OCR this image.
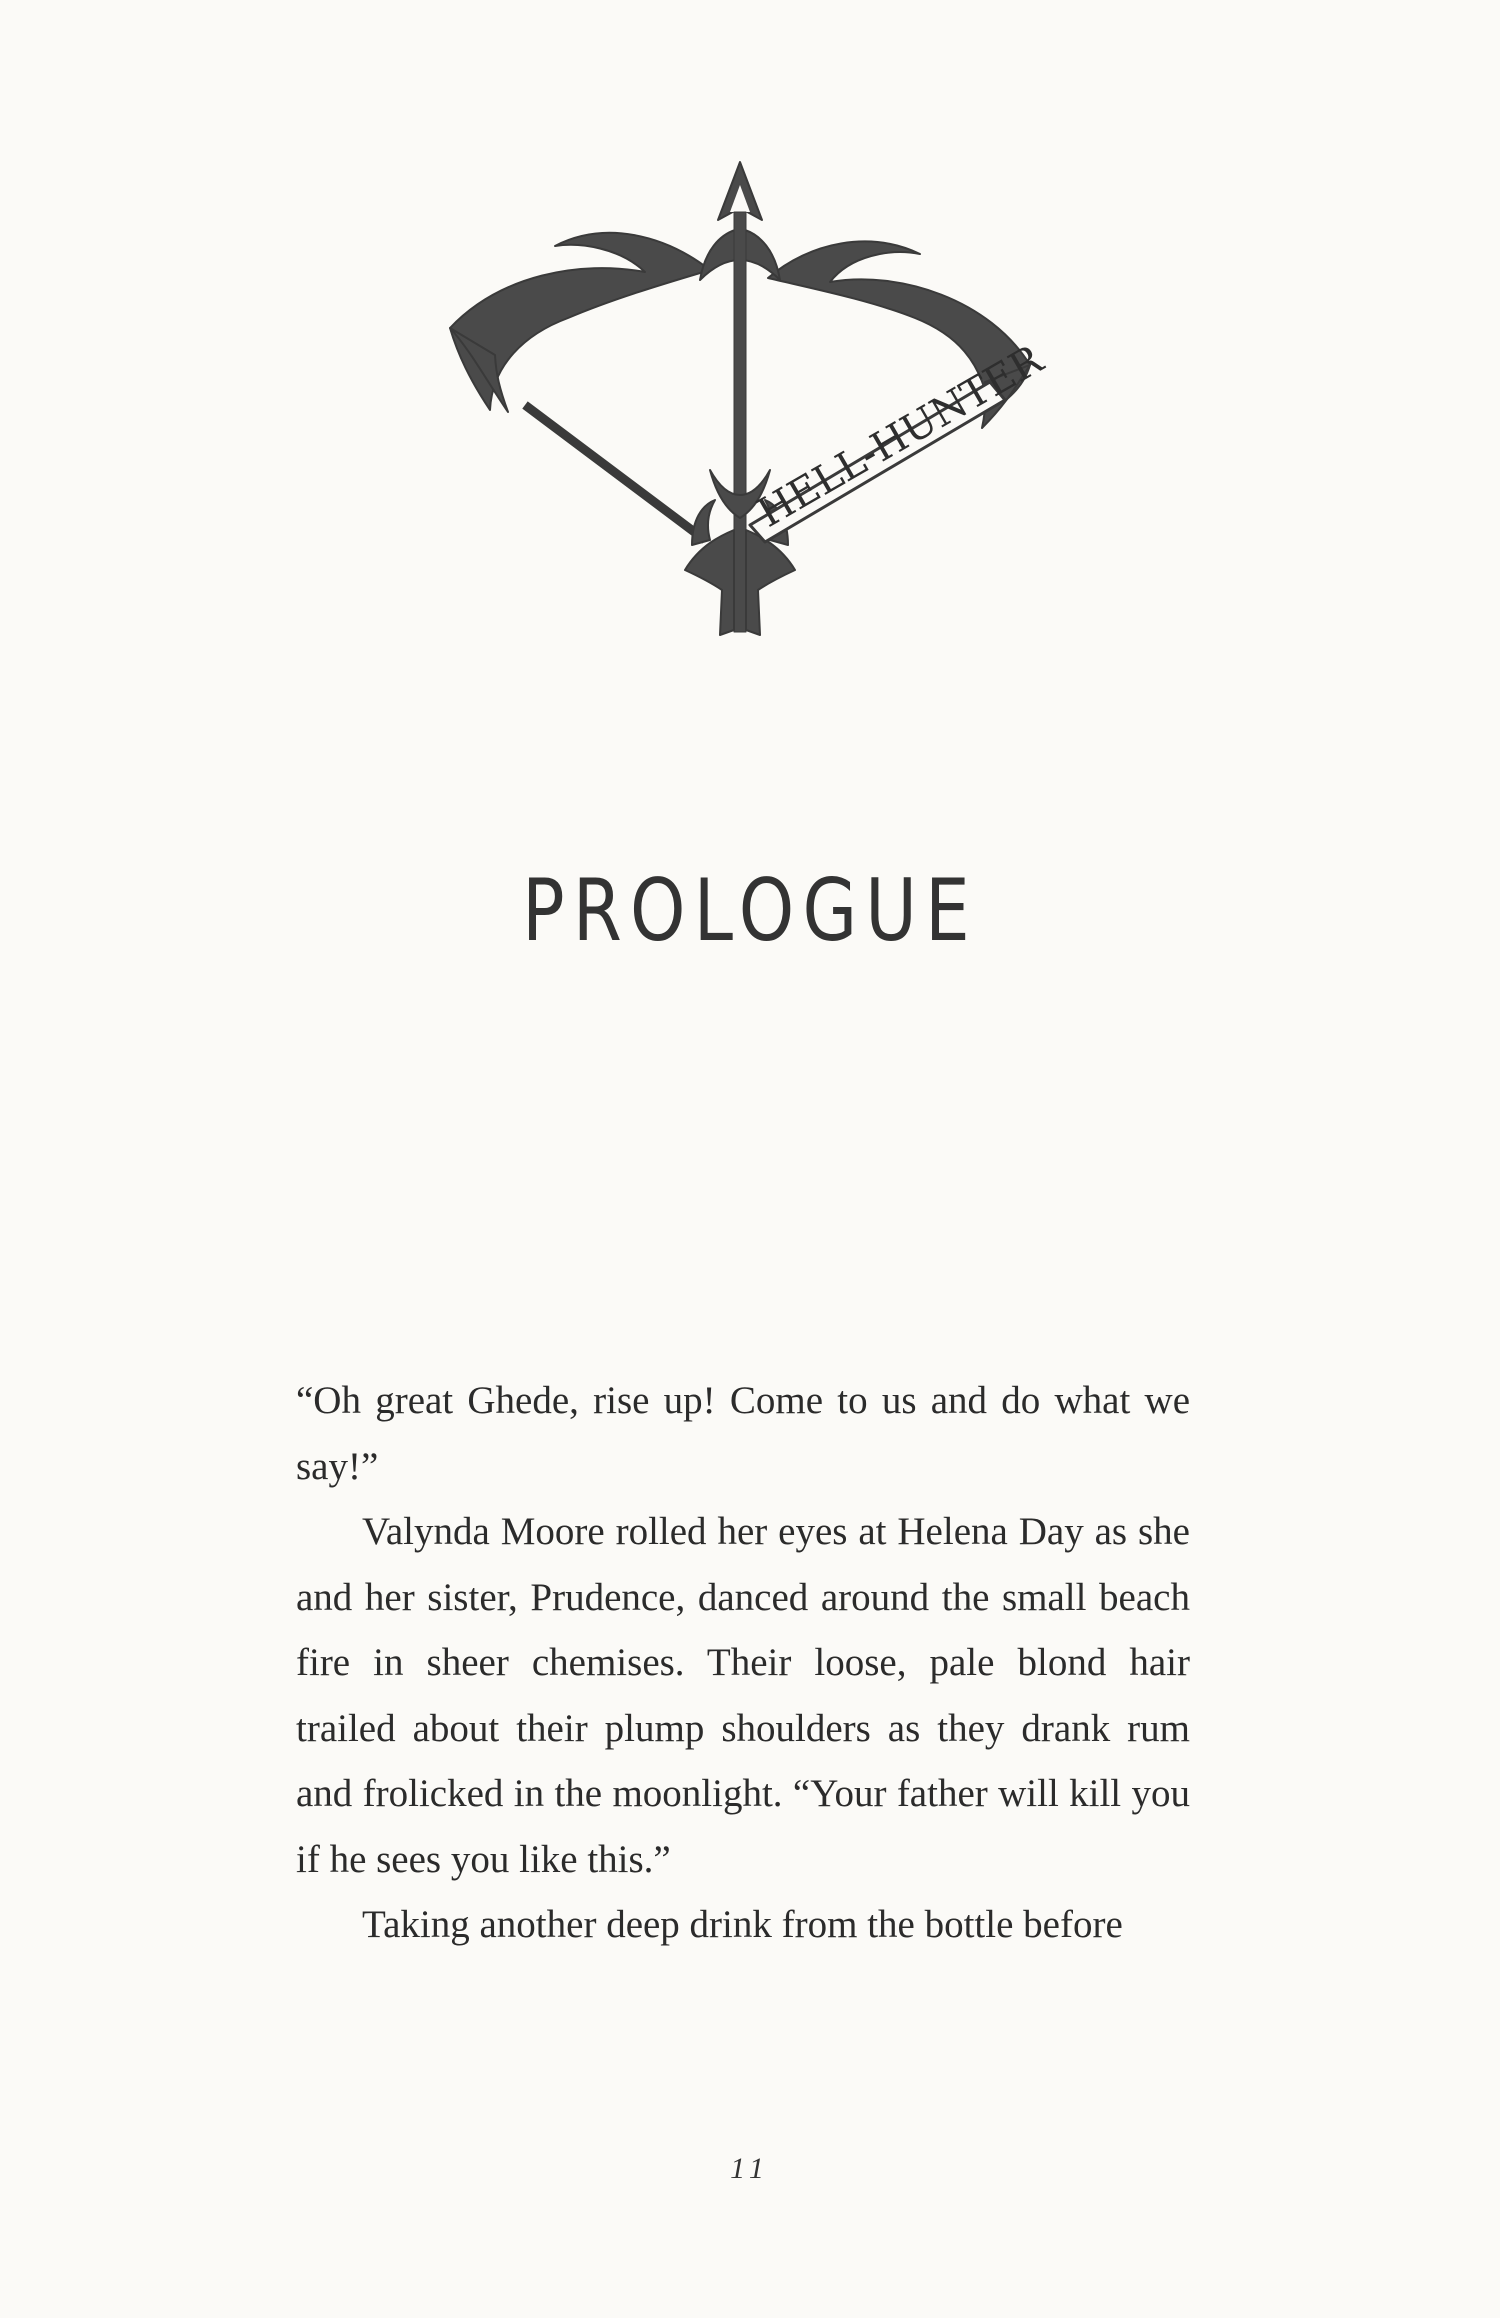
HELL-HUNTER
PROLOGUE

“Oh great Ghede, rise up! Come to us and do what we say!”

Valynda Moore rolled her eyes at Helena Day as she and her sister, Prudence, danced around the small beach fire in sheer chemises. Their loose, pale blond hair trailed about their plump shoulders as they drank rum and frolicked in the moonlight. “Your father will kill you if he sees you like this.”

Taking another deep drink from the bottle before

11
